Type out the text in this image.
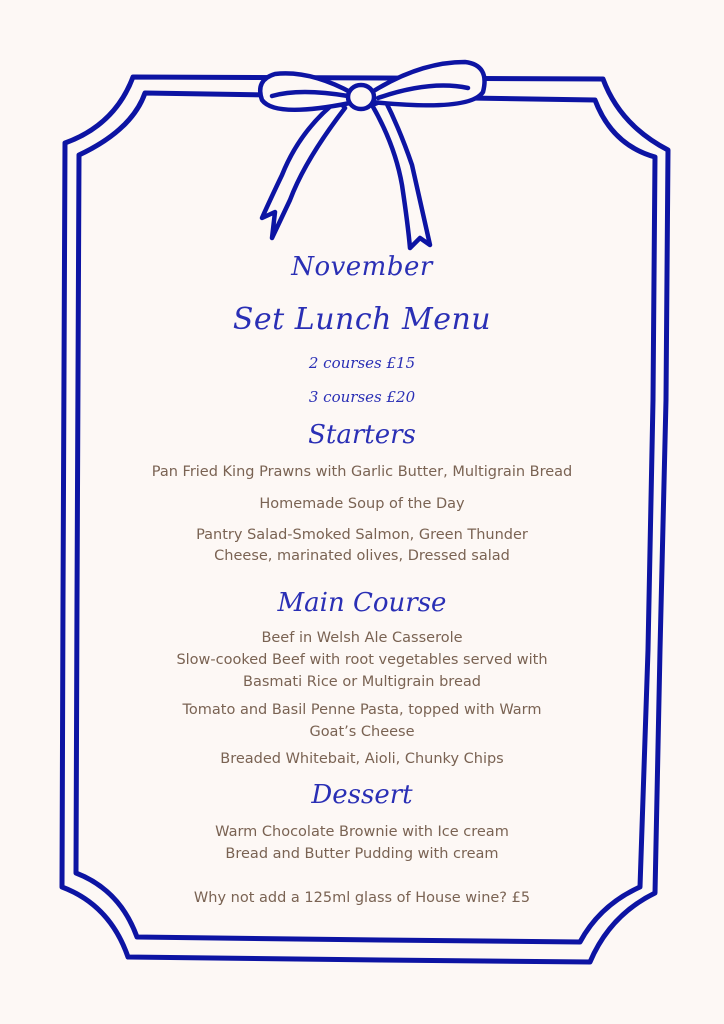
November
Set Lunch Menu
2 courses £15
3 courses £20
Starters
Pan Fried King Prawns with Garlic Butter, Multigrain Bread
Homemade Soup of the Day
Pantry Salad-Smoked Salmon, Green Thunder
Cheese, marinated olives, Dressed salad
Main Course
Beef in Welsh Ale Casserole
Slow-cooked Beef with root vegetables served with
Basmati Rice or Multigrain bread
Tomato and Basil Penne Pasta, topped with Warm
Goat’s Cheese
Breaded Whitebait, Aioli, Chunky Chips
Dessert
Warm Chocolate Brownie with Ice cream
Bread and Butter Pudding with cream
Why not add a 125ml glass of House wine? £5
